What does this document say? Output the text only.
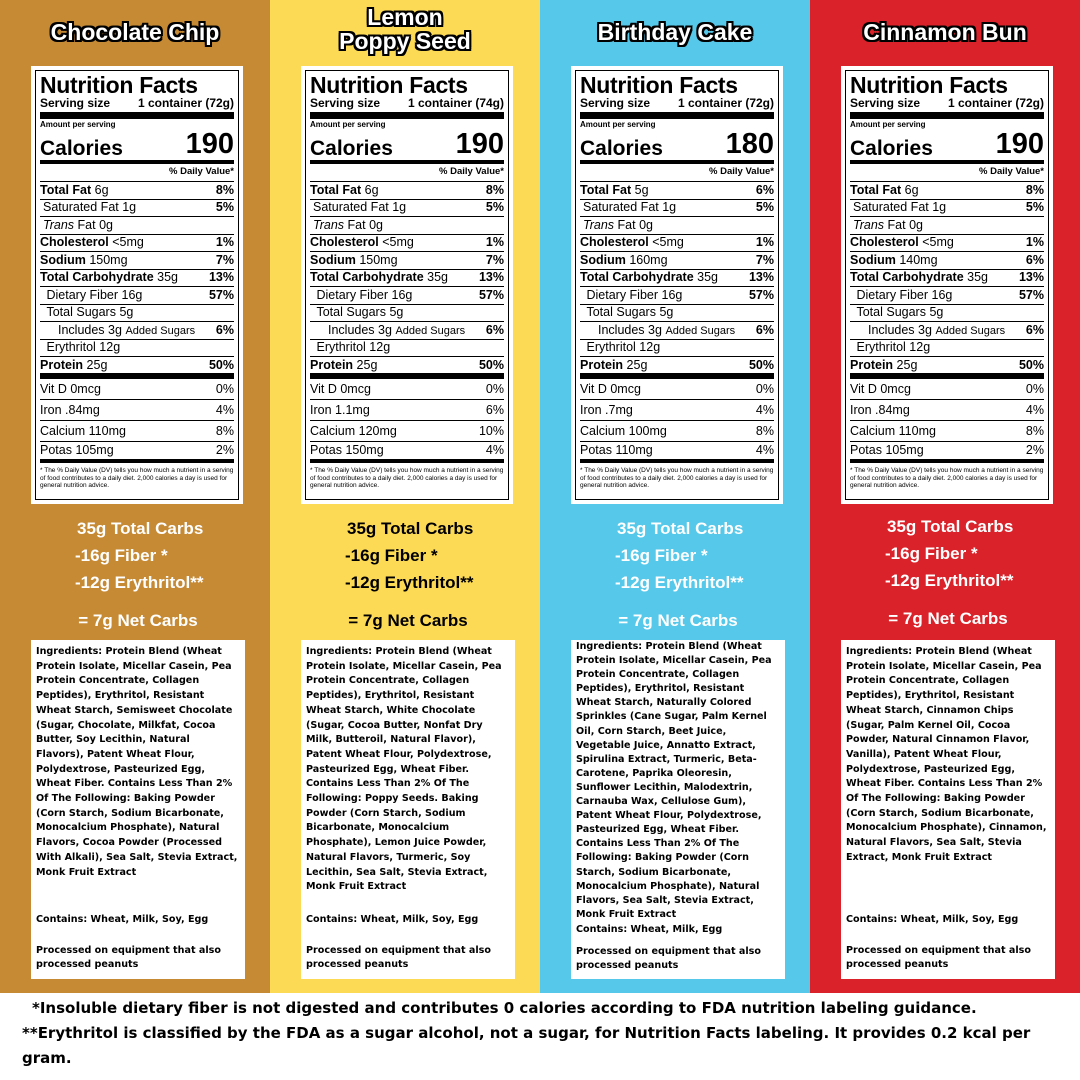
Chocolate Chip
Nutrition Facts
Serving size 1 container (72g)
Amount per serving
Calories 190
% Daily Value*
Total Fat 6g	8%
Saturated Fat 1g	5%
Trans Fat 0g
Cholesterol <5mg	1%
Sodium 150mg	7%
Total Carbohydrate 35g 13%
Dietary Fiber 16g	57%
Total Sugars 5g
Includes 3g Added Sugars 6%
Erythritol 12g
Protein 25g	50%
Vit D 0mcg	0%
Iron .84mg	4%
Calcium 110mg	8%
Potas 105mg	2%
* The % Daily Value (DV) tells you how much a nutrient in a serving of food contributes to a daily diet. 2,000 calories a day is used for general nutrition advice.
35g Total Carbs
-16g Fiber *
-12g Erythritol**
= 7g Net Carbs
Ingredients: Protein Blend (Wheat Protein Isolate, Micellar Casein, Pea Protein Concentrate, Collagen Peptides), Erythritol, Resistant Wheat Starch, Semisweet Chocolate (Sugar, Chocolate, Milkfat, Cocoa Butter, Soy Lecithin, Natural Flavors), Patent Wheat Flour, Polydextrose, Pasteurized Egg, Wheat Fiber. Contains Less Than 2% Of The Following: Baking Powder (Corn Starch, Sodium Bicarbonate, Monocalcium Phosphate), Natural Flavors, Cocoa Powder (Processed With Alkali), Sea Salt, Stevia Extract, Monk Fruit Extract
Contains: Wheat, Milk, Soy, Egg
Processed on equipment that also processed peanuts
Lemon
Poppy Seed
Nutrition Facts
Serving size 1 container (74g)
Amount per serving
Calories 190
% Daily Value*
Total Fat 6g	8%
Saturated Fat 1g	5%
Trans Fat 0g
Cholesterol <5mg	1%
Sodium 150mg	7%
Total Carbohydrate 35g 13%
Dietary Fiber 16g	57%
Total Sugars 5g
Includes 3g Added Sugars 6%
Erythritol 12g
Protein 25g	50%
Vit D 0mcg	0%
Iron 1.1mg	6%
Calcium 120mg	10%
Potas 150mg	4%
* The % Daily Value (DV) tells you how much a nutrient in a serving of food contributes to a daily diet. 2,000 calories a day is used for general nutrition advice.
35g Total Carbs
-16g Fiber *
-12g Erythritol**
= 7g Net Carbs
Ingredients: Protein Blend (Wheat Protein Isolate, Micellar Casein, Pea Protein Concentrate, Collagen Peptides), Erythritol, Resistant Wheat Starch, White Chocolate (Sugar, Cocoa Butter, Nonfat Dry Milk, Butteroil, Natural Flavor), Patent Wheat Flour, Polydextrose, Pasteurized Egg, Wheat Fiber. Contains Less Than 2% Of The Following: Poppy Seeds. Baking Powder (Corn Starch, Sodium Bicarbonate, Monocalcium Phosphate), Lemon Juice Powder, Natural Flavors, Turmeric, Soy Lecithin, Sea Salt, Stevia Extract, Monk Fruit Extract
Contains: Wheat, Milk, Soy, Egg
Processed on equipment that also processed peanuts
Birthday Cake
Nutrition Facts
Serving size 1 container (72g)
Amount per serving
Calories 180
% Daily Value*
Total Fat 5g	6%
Saturated Fat 1g	5%
Trans Fat 0g
Cholesterol <5mg	1%
Sodium 160mg	7%
Total Carbohydrate 35g 13%
Dietary Fiber 16g	57%
Total Sugars 5g
Includes 3g Added Sugars 6%
Erythritol 12g
Protein 25g	50%
Vit D 0mcg	0%
Iron .7mg	4%
Calcium 100mg	8%
Potas 110mg	4%
* The % Daily Value (DV) tells you how much a nutrient in a serving of food contributes to a daily diet. 2,000 calories a day is used for general nutrition advice.
35g Total Carbs
-16g Fiber *
-12g Erythritol**
= 7g Net Carbs
Ingredients: Protein Blend (Wheat Protein Isolate, Micellar Casein, Pea Protein Concentrate, Collagen Peptides), Erythritol, Resistant Wheat Starch, Naturally Colored Sprinkles (Cane Sugar, Palm Kernel Oil, Corn Starch, Beet Juice, Vegetable Juice, Annatto Extract, Spirulina Extract, Turmeric, Beta-Carotene, Paprika Oleoresin, Sunflower Lecithin, Malodextrin, Carnauba Wax, Cellulose Gum), Patent Wheat Flour, Polydextrose, Pasteurized Egg, Wheat Fiber. Contains Less Than 2% Of The Following: Baking Powder (Corn Starch, Sodium Bicarbonate, Monocalcium Phosphate), Natural Flavors, Sea Salt, Stevia Extract, Monk Fruit Extract
Contains: Wheat, Milk, Egg
Processed on equipment that also processed peanuts
Cinnamon Bun
Nutrition Facts
Serving size 1 container (72g)
Amount per serving
Calories 190
% Daily Value*
Total Fat 6g	8%
Saturated Fat 1g	5%
Trans Fat 0g
Cholesterol <5mg	1%
Sodium 140mg	6%
Total Carbohydrate 35g 13%
Dietary Fiber 16g	57%
Total Sugars 5g
Includes 3g Added Sugars 6%
Erythritol 12g
Protein 25g	50%
Vit D 0mcg	0%
Iron .84mg	4%
Calcium 110mg	8%
Potas 105mg	2%
* The % Daily Value (DV) tells you how much a nutrient in a serving of food contributes to a daily diet. 2,000 calories a day is used for general nutrition advice.
35g Total Carbs
-16g Fiber *
-12g Erythritol**
= 7g Net Carbs
Ingredients: Protein Blend (Wheat Protein Isolate, Micellar Casein, Pea Protein Concentrate, Collagen Peptides), Erythritol, Resistant Wheat Starch, Cinnamon Chips (Sugar, Palm Kernel Oil, Cocoa Powder, Natural Cinnamon Flavor, Vanilla), Patent Wheat Flour, Polydextrose, Pasteurized Egg, Wheat Fiber. Contains Less Than 2% Of The Following: Baking Powder (Corn Starch, Sodium Bicarbonate, Monocalcium Phosphate), Cinnamon, Natural Flavors, Sea Salt, Stevia Extract, Monk Fruit Extract
Contains: Wheat, Milk, Soy, Egg
Processed on equipment that also processed peanuts
*Insoluble dietary fiber is not digested and contributes 0 calories according to FDA nutrition labeling guidance.
**Erythritol is classified by the FDA as a sugar alcohol, not a sugar, for Nutrition Facts labeling. It provides 0.2 kcal per gram.
